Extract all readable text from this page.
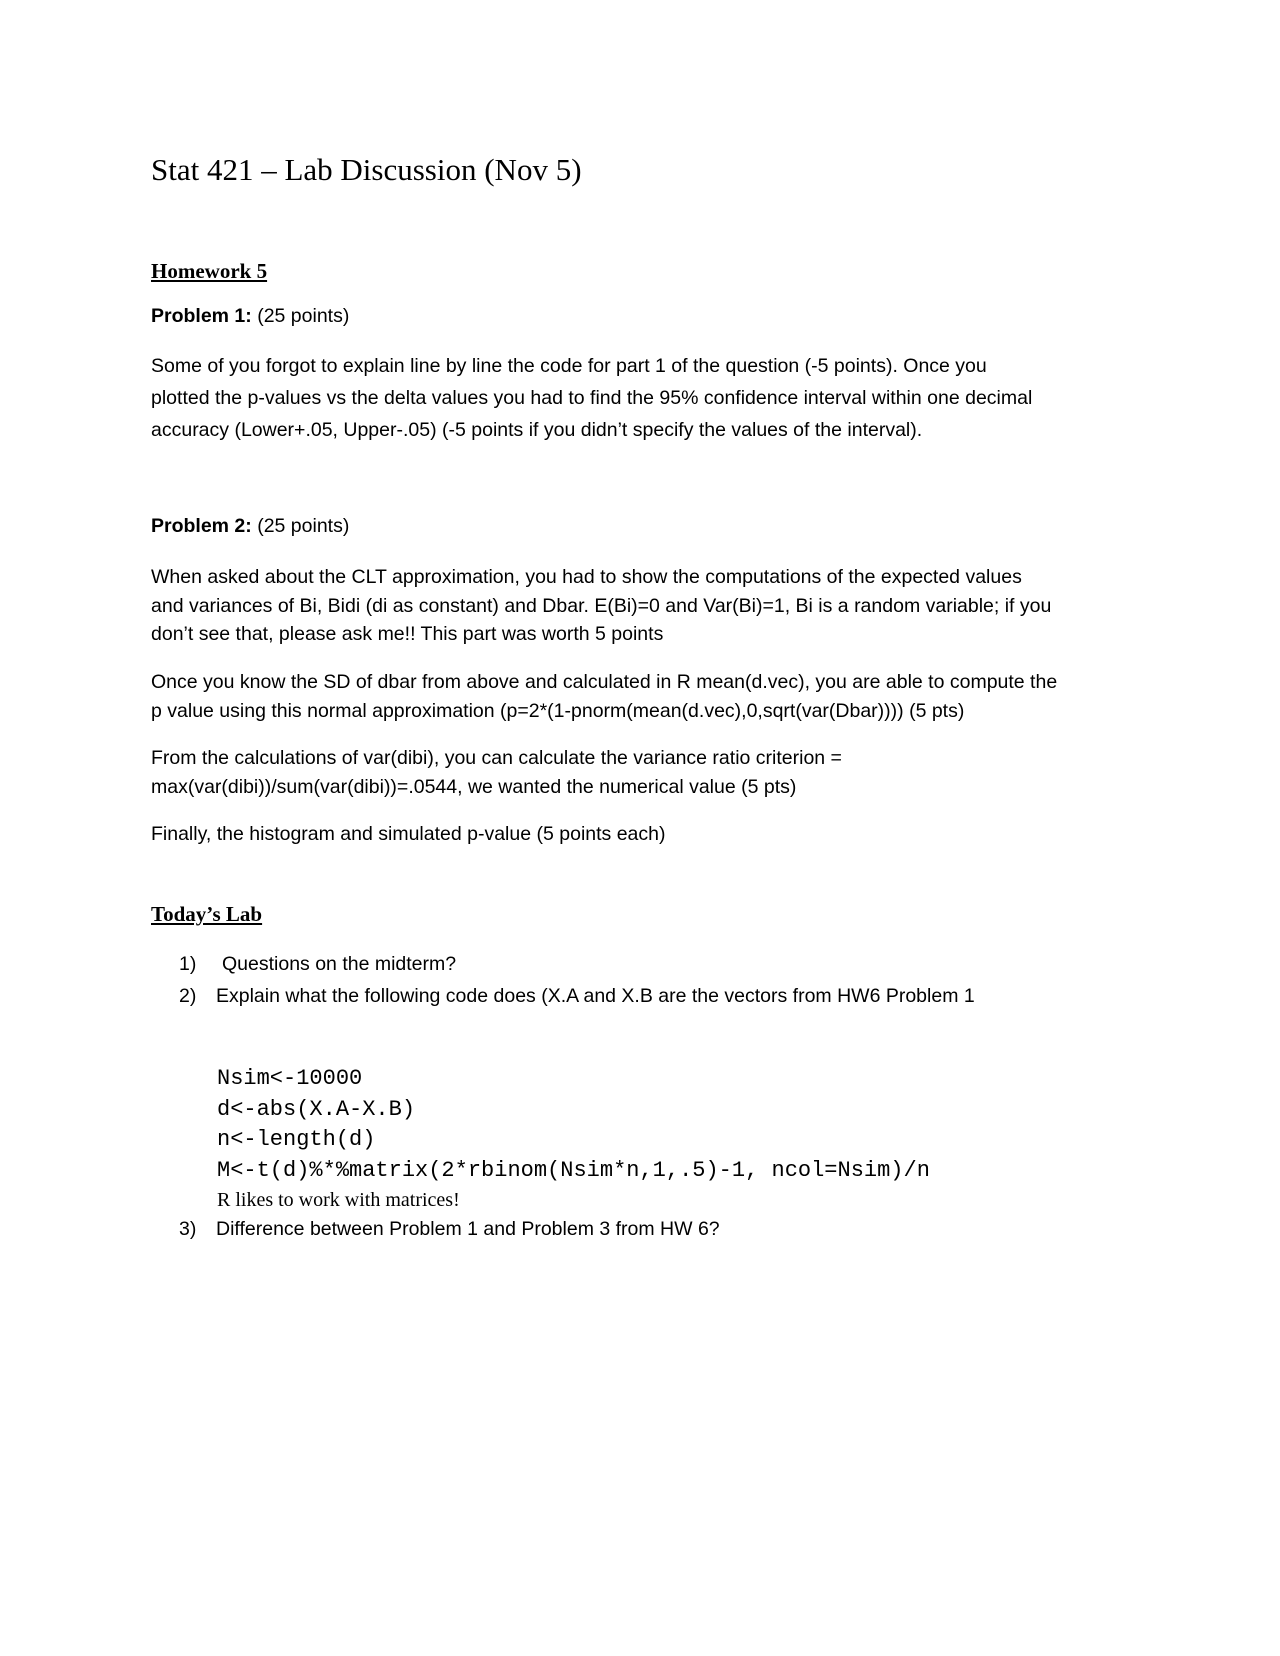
Stat 421 – Lab Discussion (Nov 5)
Homework 5
Problem 1: (25 points)
Some of you forgot to explain line by line the code for part 1 of the question (-5 points). Once you
plotted the p-values vs the delta values you had to find the 95% confidence interval within one decimal
accuracy (Lower+.05, Upper-.05) (-5 points if you didn’t specify the values of the interval).
Problem 2: (25 points)
When asked about the CLT approximation, you had to show the computations of the expected values
and variances of Bi, Bidi (di as constant) and Dbar. E(Bi)=0 and Var(Bi)=1, Bi is a random variable; if you
don’t see that, please ask me!! This part was worth 5 points
Once you know the SD of dbar from above and calculated in R mean(d.vec), you are able to compute the
p value using this normal approximation (p=2*(1-pnorm(mean(d.vec),0,sqrt(var(Dbar)))) (5 pts)
From the calculations of var(dibi), you can calculate the variance ratio criterion =
max(var(dibi))/sum(var(dibi))=.0544, we wanted the numerical value (5 pts)
Finally, the histogram and simulated p-value (5 points each)
Today’s Lab
1) Questions on the midterm?
2) Explain what the following code does (X.A and X.B are the vectors from HW6 Problem 1
Nsim<-10000
d<-abs(X.A-X.B)
n<-length(d)
M<-t(d)%*%matrix(2*rbinom(Nsim*n,1,.5)-1, ncol=Nsim)/n
R likes to work with matrices!
3) Difference between Problem 1 and Problem 3 from HW 6?
